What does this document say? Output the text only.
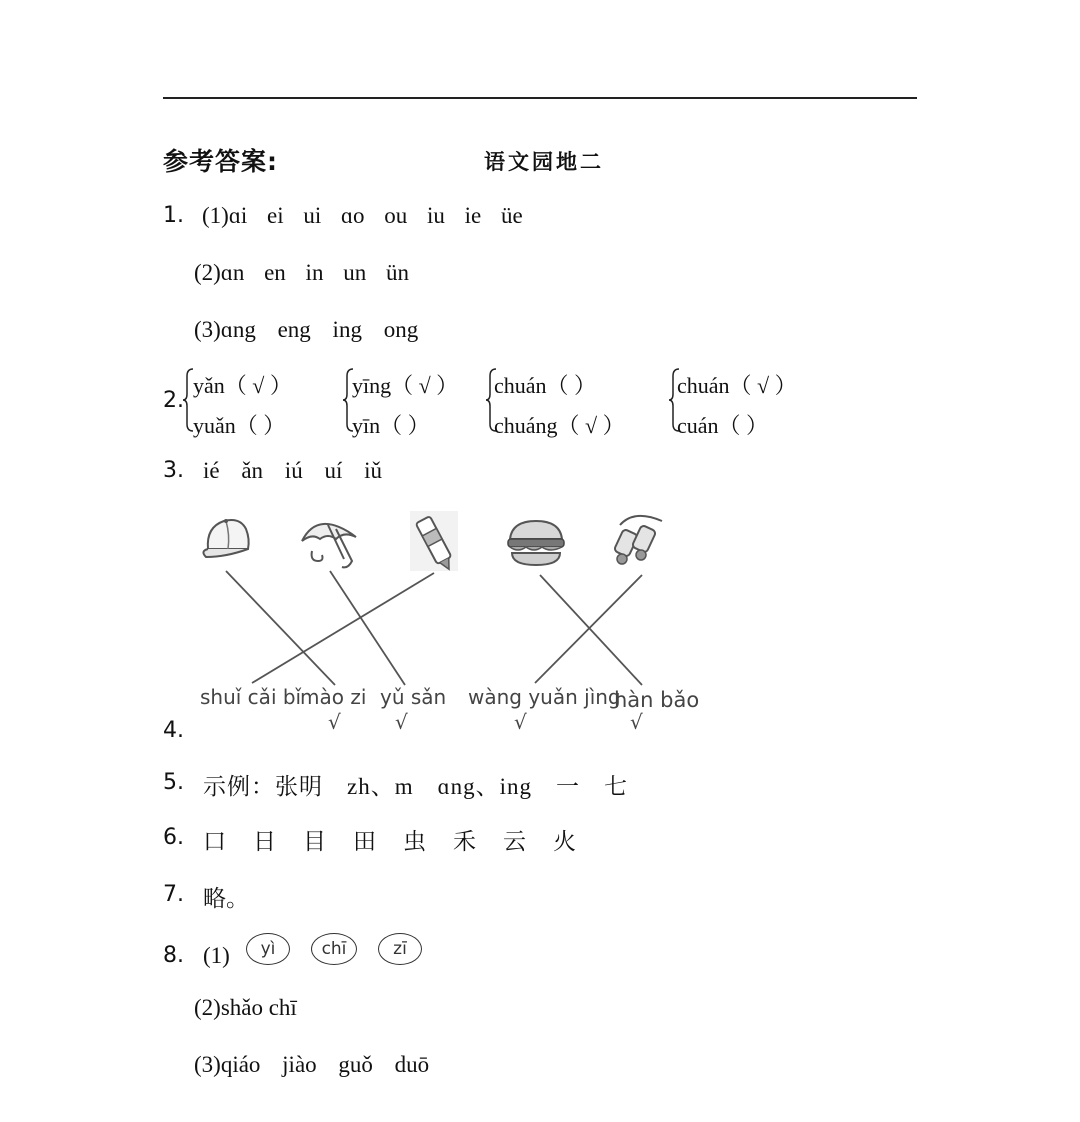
参考答案:	语文园地二
1. (1)ɑi ei ui ɑo ou iu ie üe
(2)ɑn en in un ün
(3)ɑng eng ing ong
2.
yǎn（ √ ）
yuǎn（ ）
yīng（ √ ）
yīn（ ）
chuán（ ）
chuáng（ √ ）
chuán（ √ ）
cuán（ ）
3. ié ǎn iú uí iǔ
shuǐ cǎi bǐ
mào zi yǔ sǎn wàng yuǎn jìng
hàn bǎo
√	√	√	√
4.
5. 示例：张明　zh、m　ɑng、ing　一　七
6. 口　日　目　田　虫　禾　云　火
7. 略。
8. (1)	yì	chī	zī
(2)shǎo chī
(3)qiáo jiào guǒ duō
